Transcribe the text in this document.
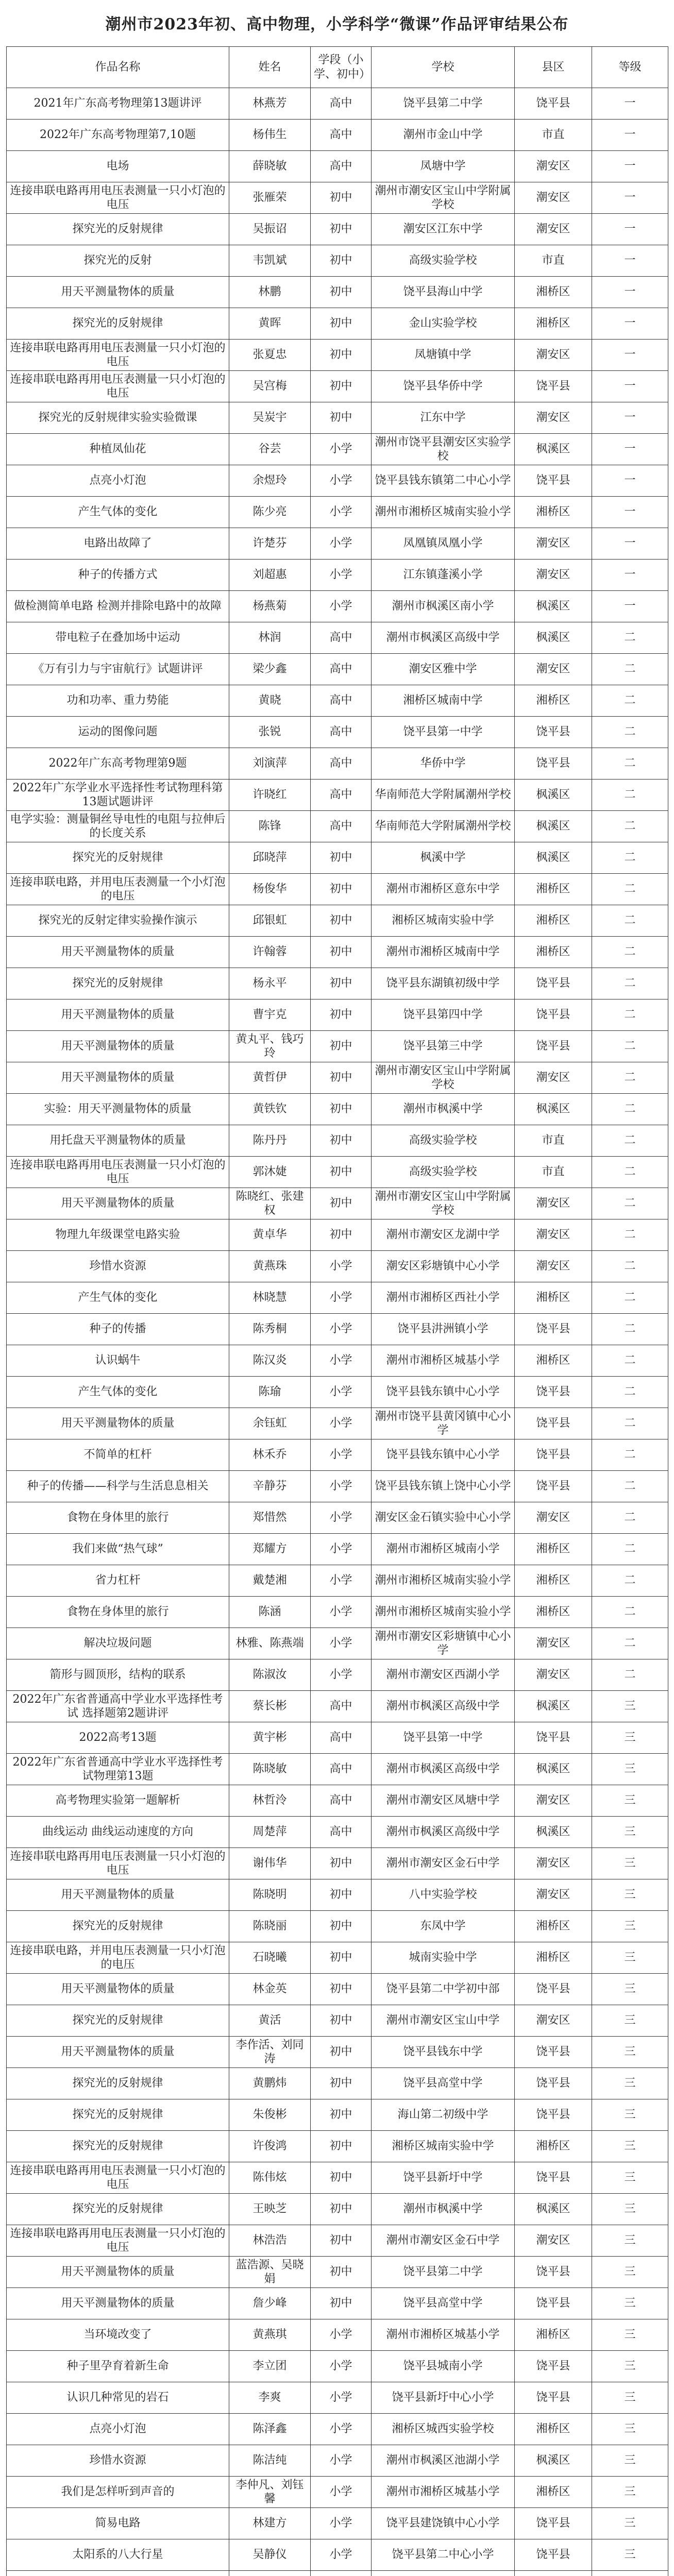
潮州市2023年初、高中物理，小学科学“微课”作品评审结果公布
作品名称	姓名	学段（小学、初中）	学校	县区	等级
2021年广东高考物理第13题讲评	林燕芳	高中	饶平县第二中学	饶平县	一
2022年广东高考物理第7,10题	杨伟生	高中	潮州市金山中学	市直	一
电场	薛晓敏	高中	凤塘中学	潮安区	一
连接串联电路再用电压表测量一只小灯泡的电压	张雁荣	初中	潮州市潮安区宝山中学附属学校	潮安区	一
探究光的反射规律	吴振诏	初中	潮安区江东中学	潮安区	一
探究光的反射	韦凯斌	初中	高级实验学校	市直	一
用天平测量物体的质量	林鹏	初中	饶平县海山中学	湘桥区	一
探究光的反射规律	黄晖	初中	金山实验学校	湘桥区	一
连接串联电路再用电压表测量一只小灯泡的电压	张夏忠	初中	凤塘镇中学	潮安区	一
连接串联电路再用电压表测量一只小灯泡的电压	吴宫梅	初中	饶平县华侨中学	饶平县	一
探究光的反射规律实验实验微课	吴炭宇	初中	江东中学	潮安区	一
种植凤仙花	谷芸	小学	潮州市饶平县潮安区实验学校	枫溪区	一
点亮小灯泡	余煜玲	小学	饶平县钱东镇第二中心小学	饶平县	一
产生气体的变化	陈少亮	小学	潮州市湘桥区城南实验小学	湘桥区	一
电路出故障了	许楚芬	小学	凤凰镇凤凰小学	潮安区	一
种子的传播方式	刘超惠	小学	江东镇蓬溪小学	潮安区	一
做检测简单电路 检测并排除电路中的故障	杨燕菊	小学	潮州市枫溪区南小学	枫溪区	一
带电粒子在叠加场中运动	林润	高中	潮州市枫溪区高级中学	枫溪区	二
《万有引力与宇宙航行》试题讲评	梁少鑫	高中	潮安区雅中学	潮安区	二
功和功率、重力势能	黄晓	高中	湘桥区城南中学	湘桥区	二
运动的图像问题	张锐	高中	饶平县第一中学	饶平县	二
2022年广东高考物理第9题	刘演萍	高中	华侨中学	饶平县	二
2022年广东学业水平选择性考试物理科第13题试题讲评	许晓红	高中	华南师范大学附属潮州学校	枫溪区	二
电学实验：测量铜丝导电性的电阻与拉伸后的长度关系	陈锋	高中	华南师范大学附属潮州学校	枫溪区	二
探究光的反射规律	邱晓萍	初中	枫溪中学	枫溪区	二
连接串联电路，并用电压表测量一个小灯泡的电压	杨俊华	初中	潮州市湘桥区意东中学	湘桥区	二
探究光的反射定律实验操作演示	邱银虹	初中	湘桥区城南实验中学	湘桥区	二
用天平测量物体的质量	许翰蓉	初中	潮州市湘桥区城南中学	湘桥区	二
探究光的反射规律	杨永平	初中	饶平县东湖镇初级中学	饶平县	二
用天平测量物体的质量	曹宇克	初中	饶平县第四中学	饶平县	二
用天平测量物体的质量	黄丸平、钱巧玲	初中	饶平县第三中学	饶平县	二
用天平测量物体的质量	黄哲伊	初中	潮州市潮安区宝山中学附属学校	潮安区	二
实验：用天平测量物体的质量	黄铁钦	初中	潮州市枫溪中学	枫溪区	二
用托盘天平测量物体的质量	陈丹丹	初中	高级实验学校	市直	二
连接串联电路再用电压表测量一只小灯泡的电压	郭沐婕	初中	高级实验学校	市直	二
用天平测量物体的质量	陈晓红、张建权	初中	潮州市潮安区宝山中学附属学校	潮安区	二
物理九年级课堂电路实验	黄卓华	初中	潮州市潮安区龙湖中学	潮安区	二
珍惜水资源	黄燕珠	小学	潮安区彩塘镇中心小学	潮安区	二
产生气体的变化	林晓慧	小学	潮州市湘桥区西社小学	湘桥区	二
种子的传播	陈秀桐	小学	饶平县汫洲镇小学	饶平县	二
认识蜗牛	陈汉炎	小学	潮州市湘桥区城基小学	湘桥区	二
产生气体的变化	陈瑜	小学	饶平县钱东镇中心小学	饶平县	二
用天平测量物体的质量	余钰虹	小学	潮州市饶平县黄冈镇中心小学	饶平县	二
不简单的杠杆	林禾乔	小学	饶平县钱东镇中心小学	饶平县	二
种子的传播——科学与生活息息相关	辛静芬	小学	饶平县钱东镇上饶中心小学	饶平县	二
食物在身体里的旅行	郑惜然	小学	潮安区金石镇实验中心小学	潮安区	二
我们来做“热气球”	郑耀方	小学	潮州市湘桥区城南小学	湘桥区	二
省力杠杆	戴楚湘	小学	潮州市湘桥区城南实验小学	湘桥区	二
食物在身体里的旅行	陈涵	小学	潮州市湘桥区城南实验小学	湘桥区	二
解决垃圾问题	林雅、陈燕端	小学	潮州市潮安区彩塘镇中心小学	潮安区	二
箭形与圆顶形，结构的联系	陈淑汝	小学	潮州市潮安区西湖小学	潮安区	二
2022年广东省普通高中学业水平选择性考试 选择题第2题讲评	蔡长彬	高中	潮州市枫溪区高级中学	枫溪区	三
2022高考13题	黄宇彬	高中	饶平县第一中学	饶平县	三
2022年广东省普通高中学业水平选择性考试物理第13题	陈晓敏	高中	潮州市枫溪区高级中学	枫溪区	三
高考物理实验第一题解析	林哲泠	高中	潮州市潮安区凤塘中学	潮安区	三
曲线运动 曲线运动速度的方向	周楚萍	高中	潮州市枫溪区高级中学	枫溪区	三
连接串联电路再用电压表测量一只小灯泡的电压	谢伟华	初中	潮州市潮安区金石中学	潮安区	三
用天平测量物体的质量	陈晓明	初中	八中实验学校	潮安区	三
探究光的反射规律	陈晓丽	初中	东凤中学	湘桥区	三
连接串联电路，并用电压表测量一只小灯泡的电压	石晓曦	初中	城南实验中学	湘桥区	三
用天平测量物体的质量	林金英	初中	饶平县第二中学初中部	饶平县	三
探究光的反射规律	黄活	初中	潮州市潮安区宝山中学	潮安区	三
用天平测量物体的质量	李作活、刘同涛	初中	饶平县钱东中学	饶平县	三
探究光的反射规律	黄鹏炜	初中	饶平县高堂中学	饶平县	三
探究光的反射规律	朱俊彬	初中	海山第二初级中学	饶平县	三
探究光的反射规律	许俊鸿	初中	湘桥区城南实验中学	湘桥区	三
连接串联电路再用电压表测量一只小灯泡的电压	陈伟炫	初中	饶平县新圩中学	饶平县	三
探究光的反射规律	王映芝	初中	潮州市枫溪中学	枫溪区	三
连接串联电路再用电压表测量一只小灯泡的电压	林浩浩	初中	潮州市潮安区金石中学	潮安区	三
用天平测量物体的质量	蓝浩源、吴晓娟	初中	饶平县第二中学	饶平县	三
用天平测量物体的质量	詹少峰	初中	饶平县高堂中学	饶平县	三
当环境改变了	黄燕琪	小学	潮州市湘桥区城基小学	湘桥区	三
种子里孕育着新生命	李立团	小学	饶平县城南小学	饶平县	三
认识几种常见的岩石	李爽	小学	饶平县新圩中心小学	饶平县	三
点亮小灯泡	陈泽鑫	小学	湘桥区城西实验学校	湘桥区	三
珍惜水资源	陈洁纯	小学	潮州市枫溪区池湖小学	枫溪区	三
我们是怎样听到声音的	李仲凡、刘钰馨	小学	潮州市湘桥区城基小学	湘桥区	三
简易电路	林建方	小学	饶平县建饶镇中心小学	饶平县	三
太阳系的八大行星	吴静仪	小学	饶平县第二中心小学	饶平县	三
